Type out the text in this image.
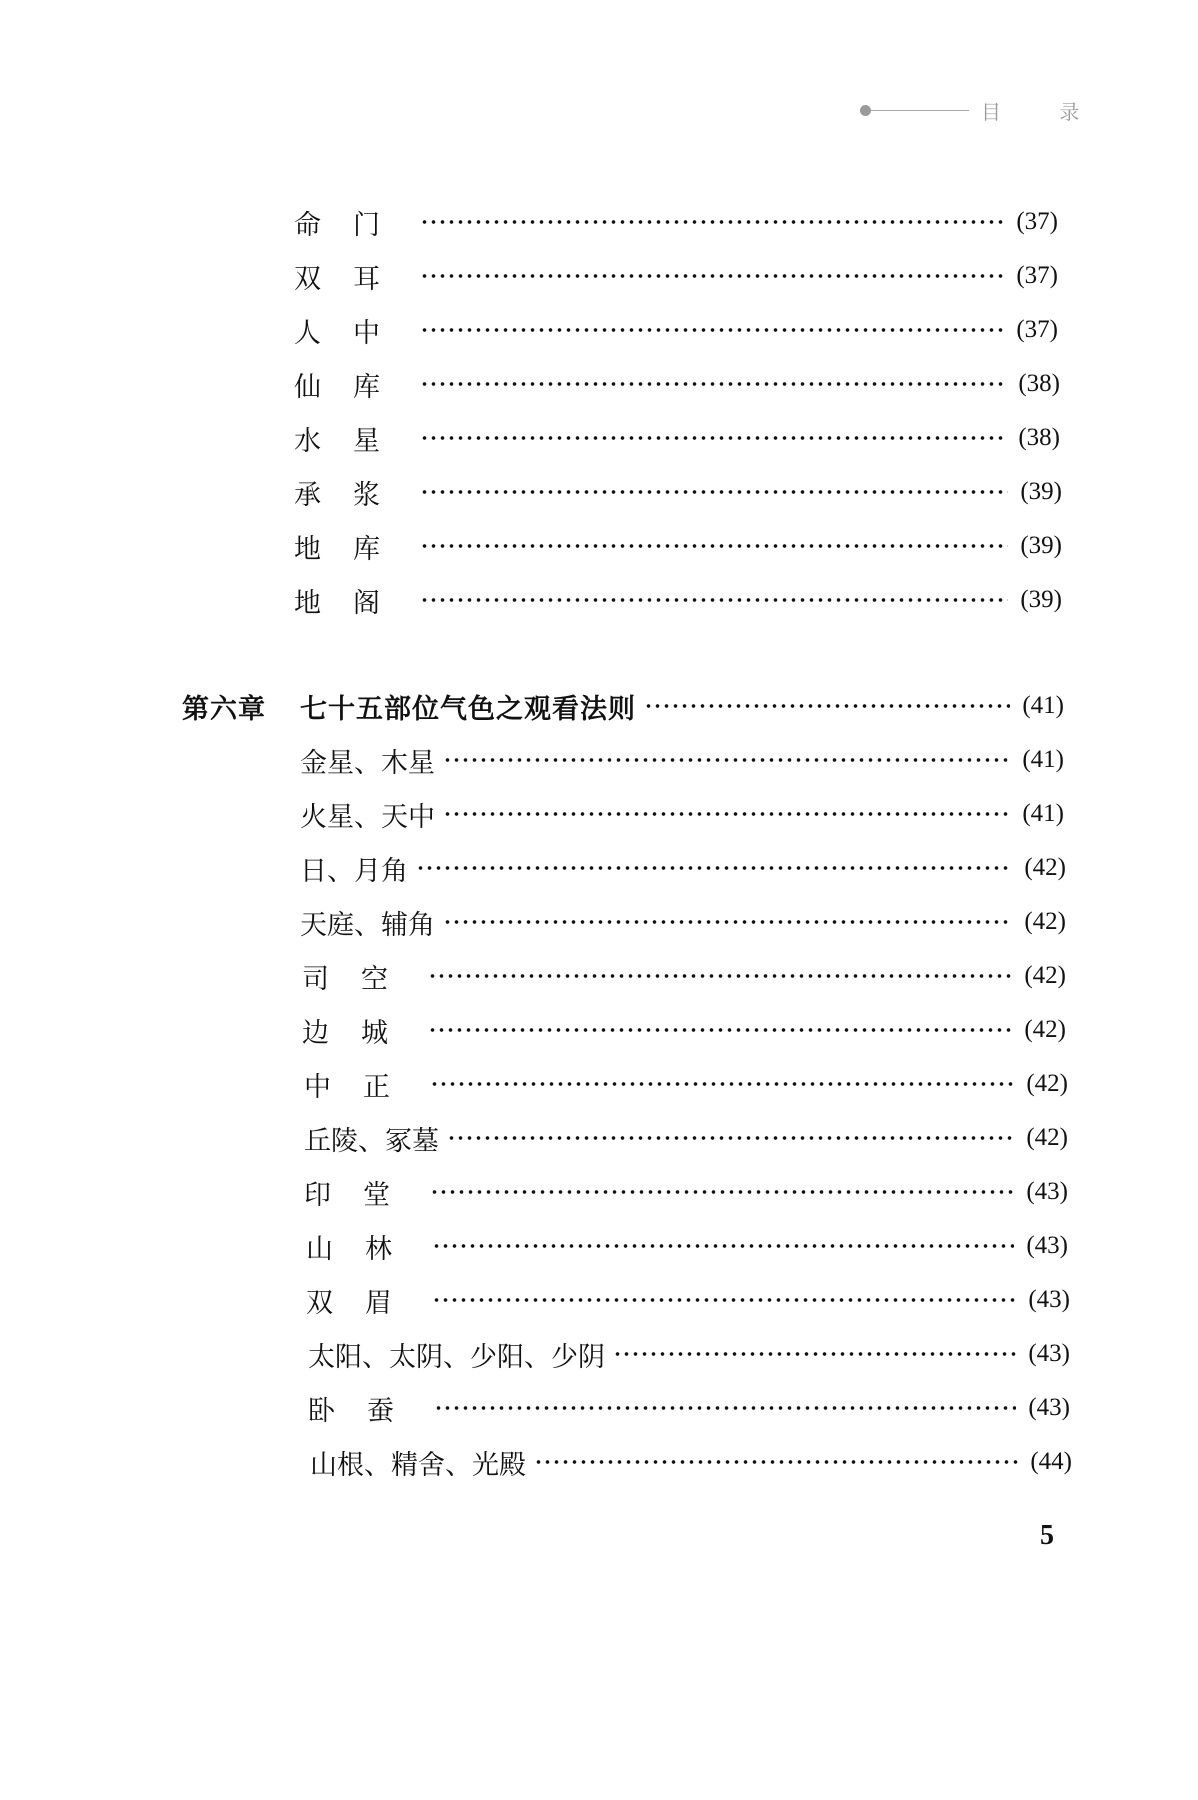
目 录
命门	(37)
双耳	(37)
人中	(37)
仙库	(38)
水星	(38)
承浆	(39)
地库	(39)
地阁	(39)
第六章 七十五部位气色之观看法则	(41)
金星、木星	(41)
火星、天中	(41)
日、月角	(42)
天庭、辅角	(42)
司空	(42)
边城	(42)
中正	(42)
丘陵、冢墓	(42)
印堂	(43)
山林	(43)
双眉	(43)
太阳、太阴、少阳、少阴	(43)
卧蚕	(43)
山根、精舍、光殿	(44)
5
